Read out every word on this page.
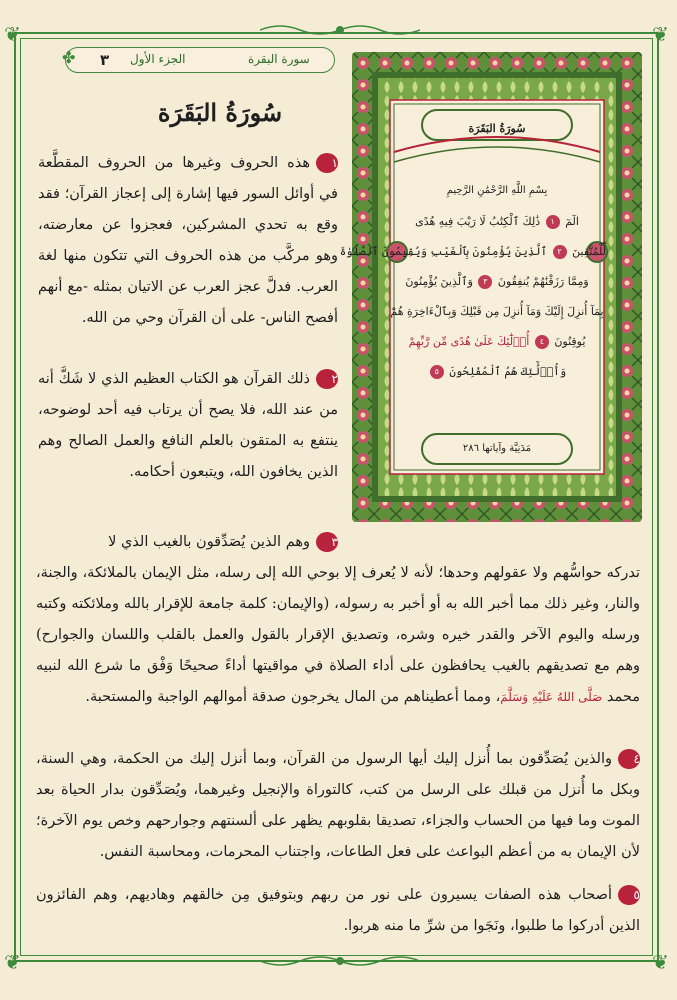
❦	❦
❦	❦
✤ ٣ الجزء الأول	سورة البقرة
سُورَةُ البَقَرَة
بِسْمِ اللَّهِ الرَّحْمَٰنِ الرَّحِيمِ
الٓمٓ ١ ذَٰلِكَ ٱلْكِتَٰبُ لَا رَيْبَ فِيهِ هُدًى
لِّلْمُتَّقِينَ ٢ ٱلَّذِينَ يُؤْمِنُونَ بِٱلْغَيْبِ وَيُقِيمُونَ ٱلصَّلَوٰةَ
وَمِمَّا رَزَقْنَٰهُمْ يُنفِقُونَ ٣ وَٱلَّذِينَ يُؤْمِنُونَ
بِمَآ أُنزِلَ إِلَيْكَ وَمَآ أُنزِلَ مِن قَبْلِكَ وَبِٱلْءَاخِرَةِ هُمْ
يُوقِنُونَ ٤ أُو۟لَٰٓئِكَ عَلَىٰ هُدًى مِّن رَّبِّهِمْ
وَأُو۟لَٰٓئِكَ هُمُ ٱلْمُفْلِحُونَ ٥
مَدَنِيَّة وآياتها ٢٨٦
سُورَةُ البَقَرَة
١هذه الحروف وغيرها من الحروف المقطَّعة في أوائل السور فيها إشارة إلى إعجاز القرآن؛ فقد وقع به تحدي المشركين، فعجزوا عن معارضته، وهو مركَّب من هذه الحروف التي تتكون منها لغة العرب. فدلَّ عجز العرب عن الاتيان بمثله -مع أنهم أفصح الناس- على أن القرآن وحي من الله.
٢ذلك القرآن هو الكتاب العظيم الذي لا شَكَّ أنه من عند الله، فلا يصح أن يرتاب فيه أحد لوضوحه، ينتفع به المتقون بالعلم النافع والعمل الصالح وهم الذين يخافون الله، ويتبعون أحكامه.
٣وهم الذين يُصَدِّقون بالغيب الذي لا
تدركه حواسُّهم ولا عقولهم وحدها؛ لأنه لا يُعرف إلا بوحي الله إلى رسله، مثل الإيمان بالملائكة، والجنة، والنار، وغير ذلك مما أخبر الله به أو أخبر به رسوله، (والإيمان: كلمة جامعة للإقرار بالله وملائكته وكتبه ورسله واليوم الآخر والقدر خيره وشره، وتصديق الإقرار بالقول والعمل بالقلب واللسان والجوارح) وهم مع تصديقهم بالغيب يحافظون على أداء الصلاة في مواقيتها أداءً صحيحًا وَفْق ما شرع الله لنبيه محمد صَلَّى اللهُ عَلَيْهِ وَسَلَّمَ، ومما أعطيناهم من المال يخرجون صدقة أموالهم الواجبة والمستحبة.
٤والذين يُصَدِّقون بما أُنزل إليك أيها الرسول من القرآن، وبما أنزل إليك من الحكمة، وهي السنة، وبكل ما أُنزل من قبلك على الرسل من كتب، كالتوراة والإنجيل وغيرهما، ويُصَدِّقون بدار الحياة بعد الموت وما فيها من الحساب والجزاء، تصديقا بقلوبهم يظهر على ألسنتهم وجوارحهم وخص يوم الآخرة؛ لأن الإيمان به من أعظم البواعث على فعل الطاعات، واجتناب المحرمات، ومحاسبة النفس.
٥أصحاب هذه الصفات يسيرون على نور من ربهم وبتوفيق مِن خالقهم وهاديهم، وهم الفائزون الذين أدركوا ما طلبوا، ونَجَوا من شرِّ ما منه هربوا.
